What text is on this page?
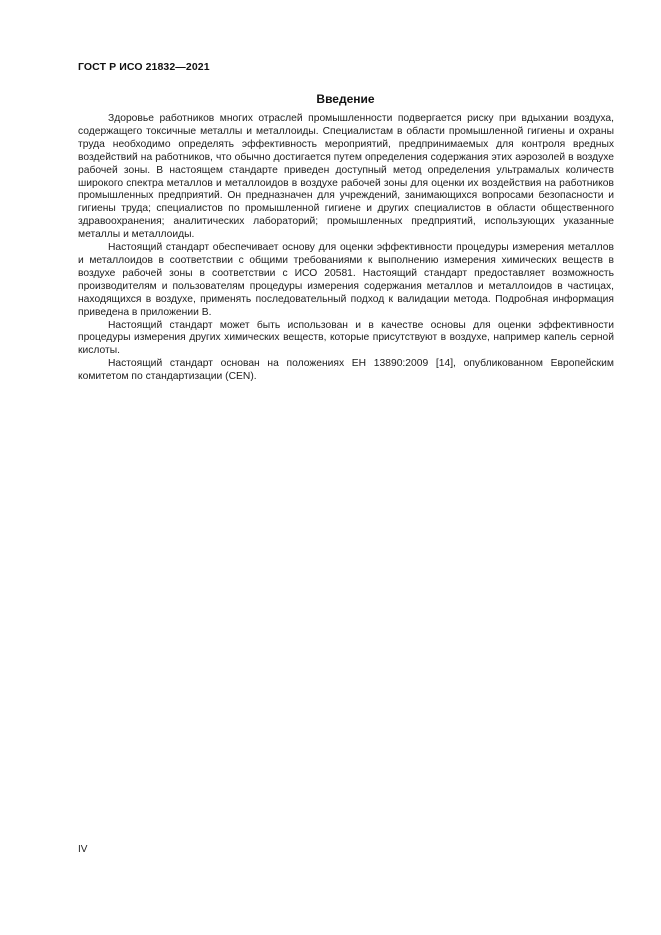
ГОСТ Р ИСО 21832—2021
Введение

Здоровье работников многих отраслей промышленности подвергается риску при вдыхании воздуха, содержащего токсичные металлы и металлоиды. Специалистам в области промышленной гигиены и охраны труда необходимо определять эффективность мероприятий, предпринимаемых для контроля вредных воздействий на работников, что обычно достигается путем определения содержания этих аэрозолей в воздухе рабочей зоны. В настоящем стандарте приведен доступный метод определения ультрамалых количеств широкого спектра металлов и металлоидов в воздухе рабочей зоны для оценки их воздействия на работников промышленных предприятий. Он предназначен для учреждений, занимающихся вопросами безопасности и гигиены труда; специалистов по промышленной гигиене и других специалистов в области общественного здравоохранения; аналитических лабораторий; промышленных предприятий, использующих указанные металлы и металлоиды.

Настоящий стандарт обеспечивает основу для оценки эффективности процедуры измерения металлов и металлоидов в соответствии с общими требованиями к выполнению измерения химических веществ в воздухе рабочей зоны в соответствии с ИСО 20581. Настоящий стандарт предоставляет возможность производителям и пользователям процедуры измерения содержания металлов и металлоидов в частицах, находящихся в воздухе, применять последовательный подход к валидации метода. Подробная информация приведена в приложении В.

Настоящий стандарт может быть использован и в качестве основы для оценки эффективности процедуры измерения других химических веществ, которые присутствуют в воздухе, например капель серной кислоты.

Настоящий стандарт основан на положениях ЕН 13890:2009 [14], опубликованном Европейским комитетом по стандартизации (CEN).

IV
